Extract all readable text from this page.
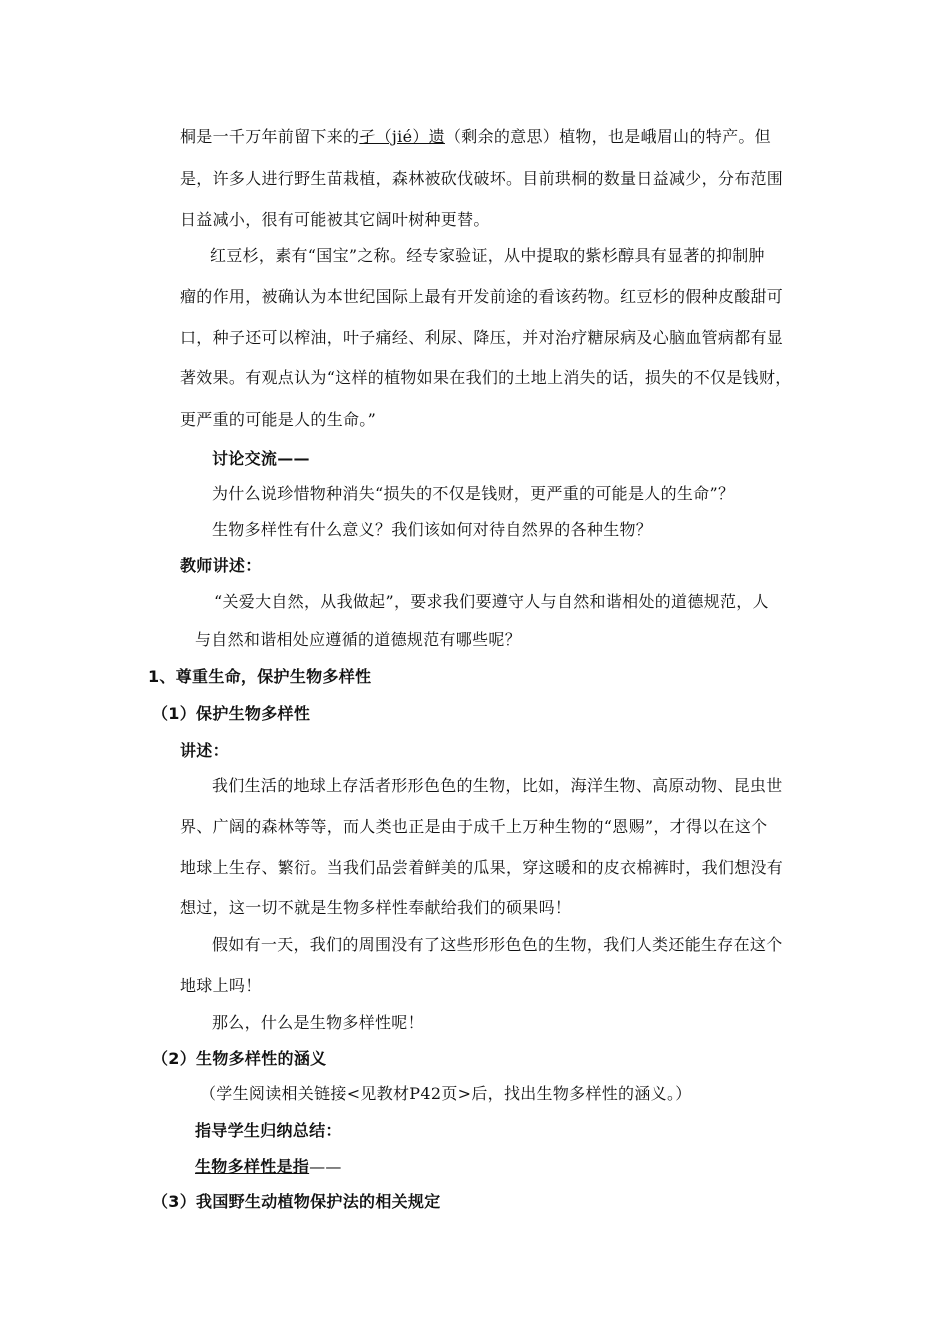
桐是一千万年前留下来的孑（jié）遗（剩余的意思）植物，也是峨眉山的特产。但
是，许多人进行野生苗栽植，森林被砍伐破坏。目前珙桐的数量日益减少，分布范围
日益减小，很有可能被其它阔叶树种更替。
红豆杉，素有“国宝”之称。经专家验证，从中提取的紫杉醇具有显著的抑制肿
瘤的作用，被确认为本世纪国际上最有开发前途的看该药物。红豆杉的假种皮酸甜可
口，种子还可以榨油，叶子痛经、利尿、降压，并对治疗糖尿病及心脑血管病都有显
著效果。有观点认为“这样的植物如果在我们的土地上消失的话，损失的不仅是钱财，
更严重的可能是人的生命。”
讨论交流——
为什么说珍惜物种消失“损失的不仅是钱财，更严重的可能是人的生命”？
生物多样性有什么意义？我们该如何对待自然界的各种生物？
教师讲述：
“关爱大自然，从我做起”，要求我们要遵守人与自然和谐相处的道德规范，人
与自然和谐相处应遵循的道德规范有哪些呢？
1、尊重生命，保护生物多样性
（1）保护生物多样性
讲述：
我们生活的地球上存活者形形色色的生物，比如，海洋生物、高原动物、昆虫世
界、广阔的森林等等，而人类也正是由于成千上万种生物的“恩赐”，才得以在这个
地球上生存、繁衍。当我们品尝着鲜美的瓜果，穿这暖和的皮衣棉裤时，我们想没有
想过，这一切不就是生物多样性奉献给我们的硕果吗！
假如有一天，我们的周围没有了这些形形色色的生物，我们人类还能生存在这个
地球上吗！
那么，什么是生物多样性呢！
（2）生物多样性的涵义
（学生阅读相关链接<见教材P42页>后，找出生物多样性的涵义。）
指导学生归纳总结：
生物多样性是指——
（3）我国野生动植物保护法的相关规定
